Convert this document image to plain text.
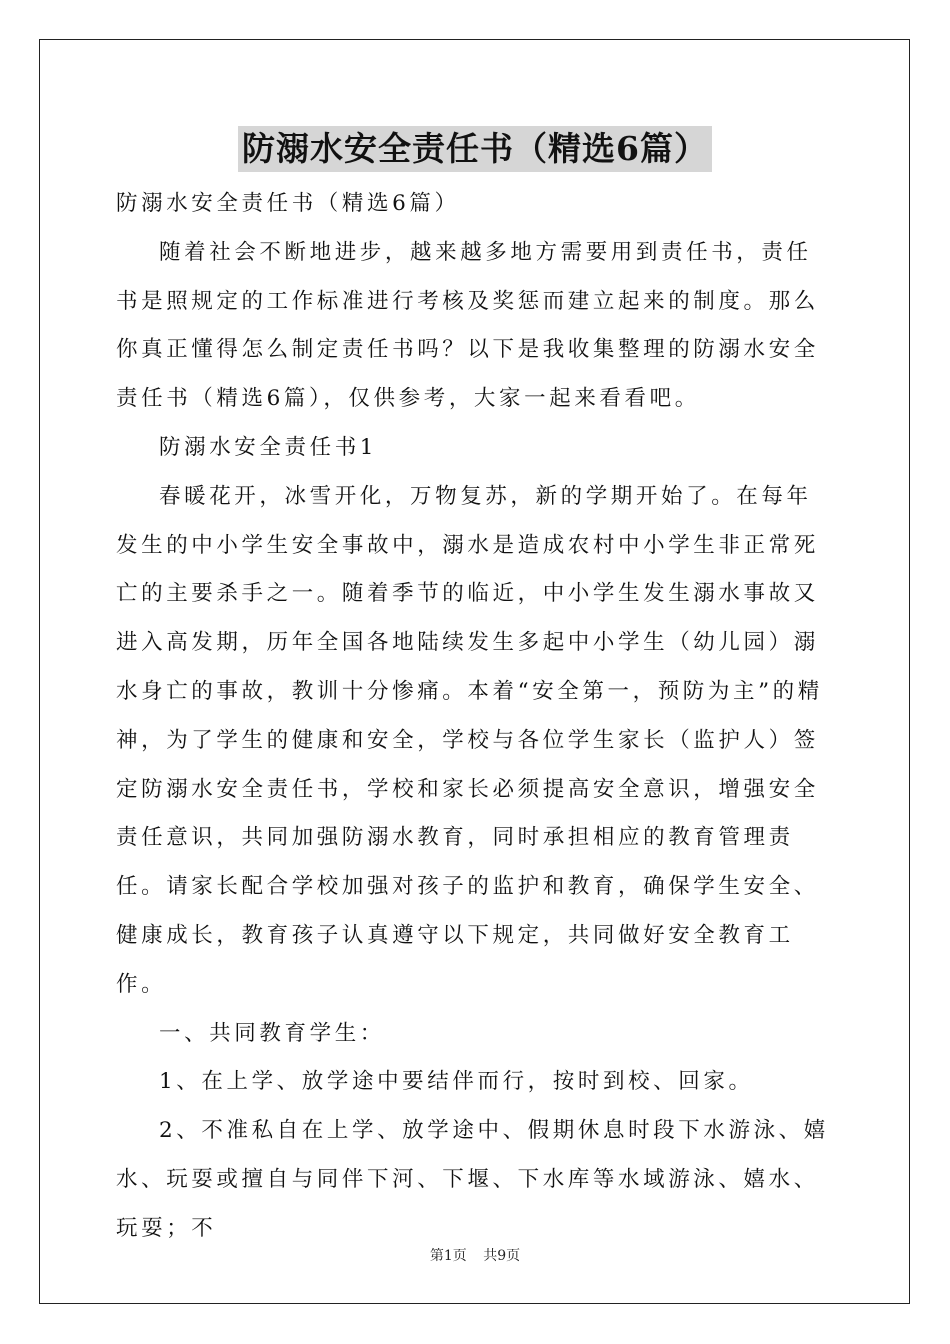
防溺水安全责任书（精选6篇）

防溺水安全责任书（精选6篇）

随着社会不断地进步，越来越多地方需要用到责任书，责任书是照规定的工作标准进行考核及奖惩而建立起来的制度。那么你真正懂得怎么制定责任书吗？以下是我收集整理的防溺水安全责任书（精选6篇），仅供参考，大家一起来看看吧。

防溺水安全责任书1

春暖花开，冰雪开化，万物复苏，新的学期开始了。在每年发生的中小学生安全事故中，溺水是造成农村中小学生非正常死亡的主要杀手之一。随着季节的临近，中小学生发生溺水事故又进入高发期，历年全国各地陆续发生多起中小学生（幼儿园）溺水身亡的事故，教训十分惨痛。本着“安全第一，预防为主”的精神，为了学生的健康和安全，学校与各位学生家长（监护人）签定防溺水安全责任书，学校和家长必须提高安全意识，增强安全责任意识，共同加强防溺水教育，同时承担相应的教育管理责任。请家长配合学校加强对孩子的监护和教育，确保学生安全、健康成长，教育孩子认真遵守以下规定，共同做好安全教育工作。

一、共同教育学生：

1、在上学、放学途中要结伴而行，按时到校、回家。

2、不准私自在上学、放学途中、假期休息时段下水游泳、嬉水、玩耍或擅自与同伴下河、下堰、下水库等水域游泳、嬉水、玩耍；不

第1页 共9页
